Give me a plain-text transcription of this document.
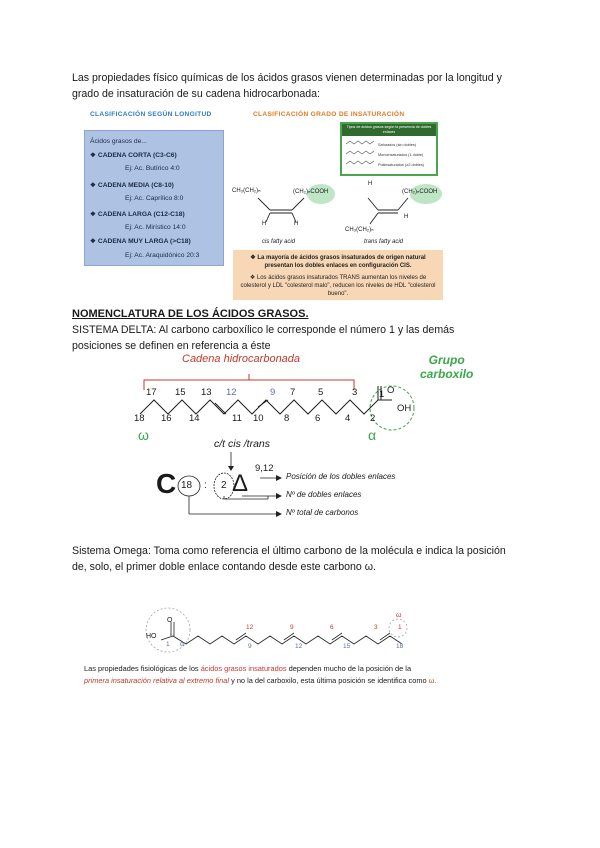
Las propiedades físico químicas de los ácidos grasos vienen determinadas por la longitud y
grado de insaturación de su cadena hidrocarbonada:
CLASIFICACIÓN SEGÚN LONGITUD	CLASIFICACIÓN GRADO DE INSATURACIÓN
Ácidos grasos de...
❖ CADENA CORTA (C3-C6)
Ej: Ac. Butírico 4:0
❖ CADENA MEDIA (C8-10)
Ej: Ac. Caprílico 8:0
❖ CADENA LARGA (C12-C18)
Ej: Ac. Mirístico 14:0
❖ CADENA MUY LARGA (>C18)
Ej: Ac. Araquidónico 20:3
Tipos de ácidos grasos según la presencia de dobles enlaces
Saturados (sin dobles)
Monoinsaturados (1 doble)
Poliinsaturados (≥2 dobles)
CH₃(CH₂)ₙ	(CH₂)ₙCOOH
H	H
H
(CH₂)ₙCOOH
CH₃(CH₂)ₙ
H
cis fatty acid	trans fatty acid
❖ La mayoría de ácidos grasos insaturados de origen natural presentan los dobles enlaces en configuración CIS.
❖ Los ácidos grasos insaturados TRANS aumentan los niveles de colesterol y LDL "colesterol malo", reducen los niveles de HDL "colesterol bueno".
NOMENCLATURA DE LOS ÁCIDOS GRASOS.
SISTEMA DELTA: Al carbono carboxílico le corresponde el número 1 y las demás
posiciones se definen en referencia a éste
Cadena hidrocarbonada	Grupo
carboxilo
17 15 13 12	9 7 5	3 1 O
OH
18 16 14	11 10 8	6	4 2
ω	α
c/t cis /trans
C 18 : 2 Δ
9,12
Posición de los dobles enlaces
Nº de dobles enlaces
Nº total de carbonos
Sistema Omega: Toma como referencia el último carbono de la molécula e indica la posición
de, solo, el primer doble enlace contando desde este carbono ω.
HO
O
1 α
ω
12	9	6	3	1
9	12	15	18
Las propiedades fisiológicas de los ácidos grasos insaturados dependen mucho de la posición de la
primera insaturación relativa al extremo final y no la del carboxilo, esta última posición se identifica como ω.
